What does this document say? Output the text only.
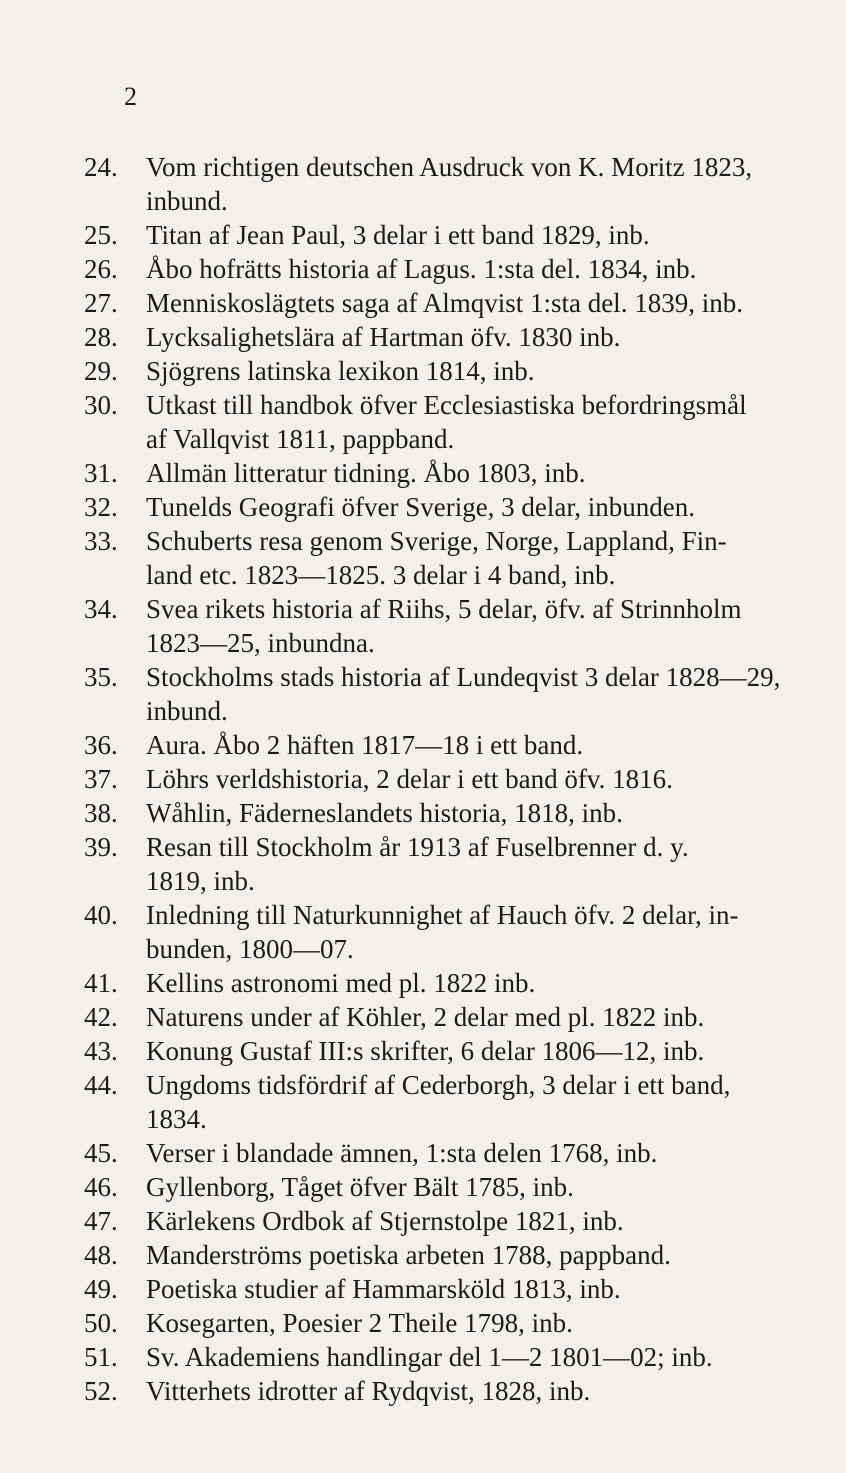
2
24.	Vom richtigen deutschen Ausdruck von K. Moritz 1823,
inbund.
25.	Titan af Jean Paul, 3 delar i ett band 1829, inb.
26.	Åbo hofrätts historia af Lagus. 1:sta del. 1834, inb.
27.	Menniskoslägtets saga af Almqvist 1:sta del. 1839, inb.
28.	Lycksalighetslära af Hartman öfv. 1830 inb.
29.	Sjögrens latinska lexikon 1814, inb.
30.	Utkast till handbok öfver Ecclesiastiska befordringsmål
af Vallqvist 1811, pappband.
31.	Allmän litteratur tidning. Åbo 1803, inb.
32.	Tunelds Geografi öfver Sverige, 3 delar, inbunden.
33.	Schuberts resa genom Sverige, Norge, Lappland, Fin-
land etc. 1823—1825. 3 delar i 4 band, inb.
34.	Svea rikets historia af Riihs, 5 delar, öfv. af Strinnholm
1823—25, inbundna.
35.	Stockholms stads historia af Lundeqvist 3 delar 1828—29,
inbund.
36.	Aura. Åbo 2 häften 1817—18 i ett band.
37.	Löhrs verldshistoria, 2 delar i ett band öfv. 1816.
38.	Wåhlin, Fäderneslandets historia, 1818, inb.
39.	Resan till Stockholm år 1913 af Fuselbrenner d. y.
1819, inb.
40.	Inledning till Naturkunnighet af Hauch öfv. 2 delar, in-
bunden, 1800—07.
41.	Kellins astronomi med pl. 1822 inb.
42.	Naturens under af Köhler, 2 delar med pl. 1822 inb.
43.	Konung Gustaf III:s skrifter, 6 delar 1806—12, inb.
44.	Ungdoms tidsfördrif af Cederborgh, 3 delar i ett band,
1834.
45.	Verser i blandade ämnen, 1:sta delen 1768, inb.
46.	Gyllenborg, Tåget öfver Bält 1785, inb.
47.	Kärlekens Ordbok af Stjernstolpe 1821, inb.
48.	Manderströms poetiska arbeten 1788, pappband.
49.	Poetiska studier af Hammarsköld 1813, inb.
50.	Kosegarten, Poesier 2 Theile 1798, inb.
51.	Sv. Akademiens handlingar del 1—2 1801—02; inb.
52.	Vitterhets idrotter af Rydqvist, 1828, inb.
